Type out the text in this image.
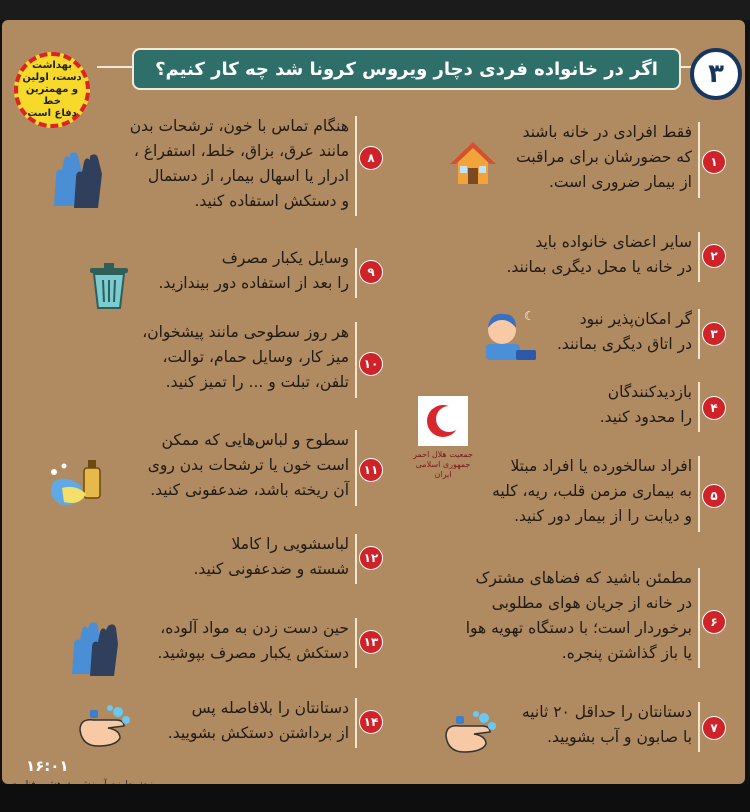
اگر در خانواده فردی دچار ویروس کرونا شد چه کار کنیم؟	۳
بهداشت
دست، اولین
و مهمترین خط
دفاع است
فقط افرادی در خانه باشند
که حضورشان برای مراقبت
از بیمار ضروری است.
۱
سایر اعضای خانواده باید
در خانه یا محل دیگری بمانند.
۲
گر امکان‌پذیر نبود
در اتاق دیگری بمانند.
۳
بازدیدکنندگان
را محدود کنید.	۴
افراد سالخورده یا افراد مبتلا
به بیماری مزمن قلب، ریه، کلیه
و دیابت را از بیمار دور کنید.
۵
مطمئن باشید که فضاهای مشترک
در خانه از جریان هوای مطلوبی
برخوردار است؛ با دستگاه تهویه هوا
یا باز گذاشتن پنجره.
۶
دستانتان را حداقل ۲۰ ثانیه
با صابون و آب بشویید.	۷
هنگام تماس با خون، ترشحات بدن
مانند عرق، بزاق، خلط، استفراغ ،
ادرار یا اسهال بیمار، از دستمال
و دستکش استفاده کنید.
۸
وسایل یکبار مصرف
را بعد از استفاده دور بیندازید.
۹
هر روز سطوحی مانند پیشخوان،
میز کار، وسایل حمام، توالت،
تلفن، تبلت و ... را تمیز کنید.
۱۰
سطوح و لباس‌هایی که ممکن
است خون یا ترشحات بدن روی
آن ریخته باشد، ضدعفونی کنید.
۱۱
لباسشویی را کاملا
شسته و ضدعفونی کنید.
۱۲
حین دست زدن به مواد آلوده،
دستکش یکبار مصرف بپوشید.
۱۳
دستانتان را بلافاصله پس
از برداشتن دستکش بشویید.
۱۴
☾
جمعیت هلال احمر
جمهوری اسلامی ایران
۱۶:۰۱
